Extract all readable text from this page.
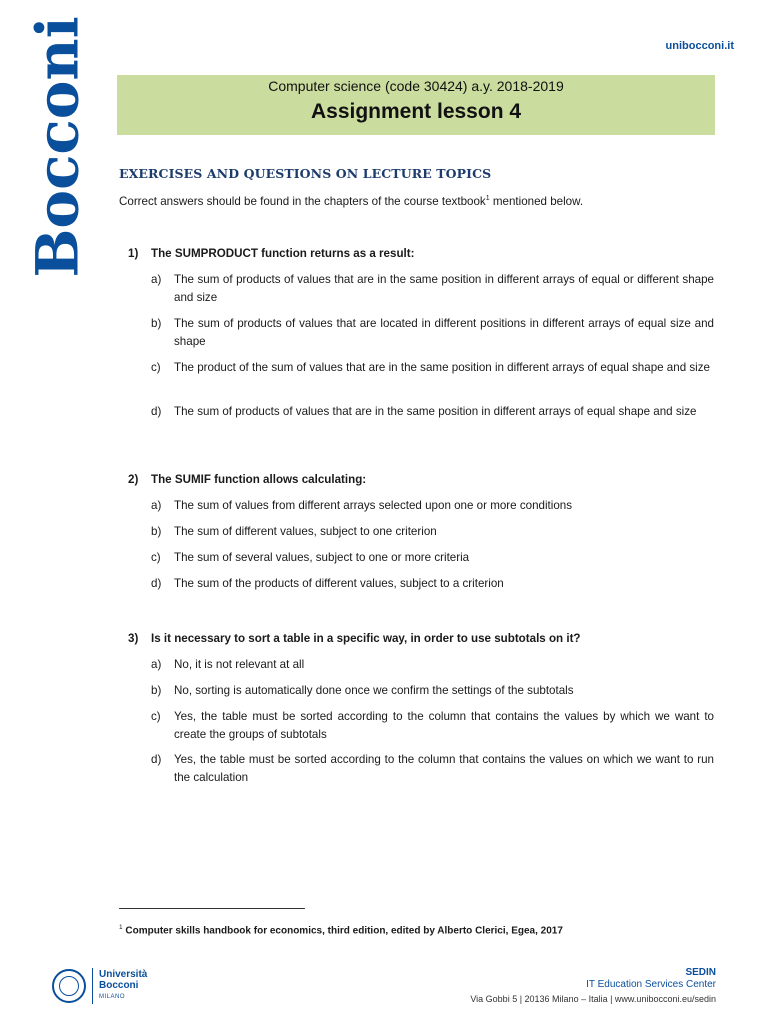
Bocconi	unibocconi.it
Computer science (code 30424) a.y. 2018-2019
Assignment lesson 4
EXERCISES AND QUESTIONS ON LECTURE TOPICS
Correct answers should be found in the chapters of the course textbook$^1$ mentioned below.
1) The SUMPRODUCT function returns as a result:
a)	The sum of products of values that are in the same position in different arrays of equal or different shape and size
b)	The sum of products of values that are located in different positions in different arrays of equal size and shape
c)	The product of the sum of values that are in the same position in different arrays of equal shape and size
d)	The sum of products of values that are in the same position in different arrays of equal shape and size
2) The SUMIF function allows calculating:
a)	The sum of values from different arrays selected upon one or more conditions
b)	The sum of different values, subject to one criterion
c)	The sum of several values, subject to one or more criteria
d)	The sum of the products of different values, subject to a criterion
3) Is it necessary to sort a table in a specific way, in order to use subtotals on it?
a)	No, it is not relevant at all
b)	No, sorting is automatically done once we confirm the settings of the subtotals
c)	Yes, the table must be sorted according to the column that contains the values by which we want to create the groups of subtotals
d)	Yes, the table must be sorted according to the column that contains the values on which we want to run the calculation
$^1$ Computer skills handbook for economics, third edition, edited by Alberto Clerici, Egea, 2017
Università
Bocconi
MILANO
SEDIN
IT Education Services Center
Via Gobbi 5 | 20136 Milano – Italia | www.unibocconi.eu/sedin
